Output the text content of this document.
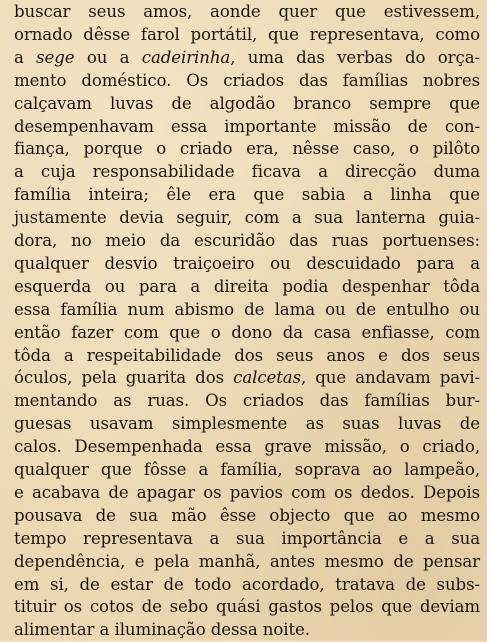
buscar seus amos, aonde quer que estivessem,
ornado dêsse farol portátil, que representava, como
a sege ou a cadeirinha, uma das verbas do orça-
mento doméstico. Os criados das famílias nobres
calçavam luvas de algodão branco sempre que
desempenhavam essa importante missão de con-
fiança, porque o criado era, nêsse caso, o pilôto
a cuja responsabilidade ficava a direcção duma
família inteira; êle era que sabia a linha que
justamente devia seguir, com a sua lanterna guia-
dora, no meio da escuridão das ruas portuenses:
qualquer desvio traiçoeiro ou descuidado para a
esquerda ou para a direita podia despenhar tôda
essa família num abismo de lama ou de entulho ou
então fazer com que o dono da casa enfiasse, com
tôda a respeitabilidade dos seus anos e dos seus
óculos, pela guarita dos calcetas, que andavam pavi-
mentando as ruas. Os criados das famílias bur-
guesas usavam simplesmente as suas luvas de
calos. Desempenhada essa grave missão, o criado,
qualquer que fôsse a família, soprava ao lampeão,
e acabava de apagar os pavios com os dedos. Depois
pousava de sua mão êsse objecto que ao mesmo
tempo representava a sua importância e a sua
dependência, e pela manhã, antes mesmo de pensar
em si, de estar de todo acordado, tratava de subs-
tituir os cotos de sebo quási gastos pelos que deviam
alimentar a iluminação dessa noite.
